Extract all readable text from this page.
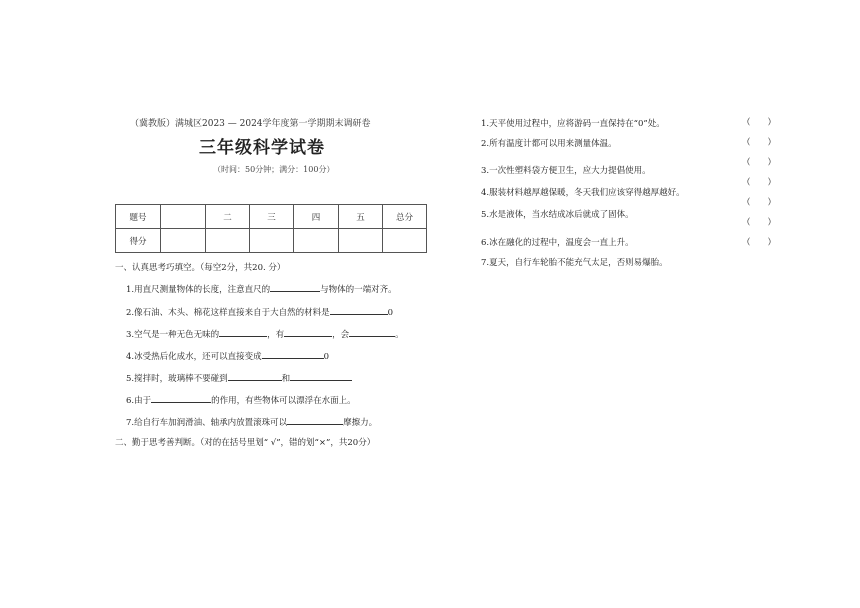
（冀教版）满城区2023 — 2024学年度第一学期期末调研卷
三年级科学试卷
（时间：50分钟；满分：100分）
题号		二	三	四	五	总分
得分						
一、认真思考巧填空。（每空2分，共20. 分）
1.用直尺测量物体的长度，注意直尺的	与物体的一端对齐。
2.像石油、木头、棉花这样直接来自于大自然的材料是	0
3.空气是一种无色无味的	，有	，会	。
4.冰受热后化成水，还可以直接变成	0
5.搅拌时，玻璃棒不要碰到	和
6.由于	的作用，有些物体可以漂浮在水面上。
7.给自行车加润滑油、轴承内放置滚珠可以	摩擦力。
二、勤于思考善判断。（对的在括号里划“ √”，错的划“×”，共20分）
1.天平使用过程中，应将游码一直保持在“0”处。
2.所有温度计都可以用来测量体温。
3.一次性塑料袋方便卫生，应大力提倡使用。
4.服装材料越厚越保暖，冬天我们应该穿得越厚越好。
5.水是液体，当水结成冰后就成了固体。
6.冰在融化的过程中，温度会一直上升。
7.夏天，自行车轮胎不能充气太足，否则易爆胎。
（　　）
（　　）
（　　）
（　　）
（　　）
（　　）
（　　）
